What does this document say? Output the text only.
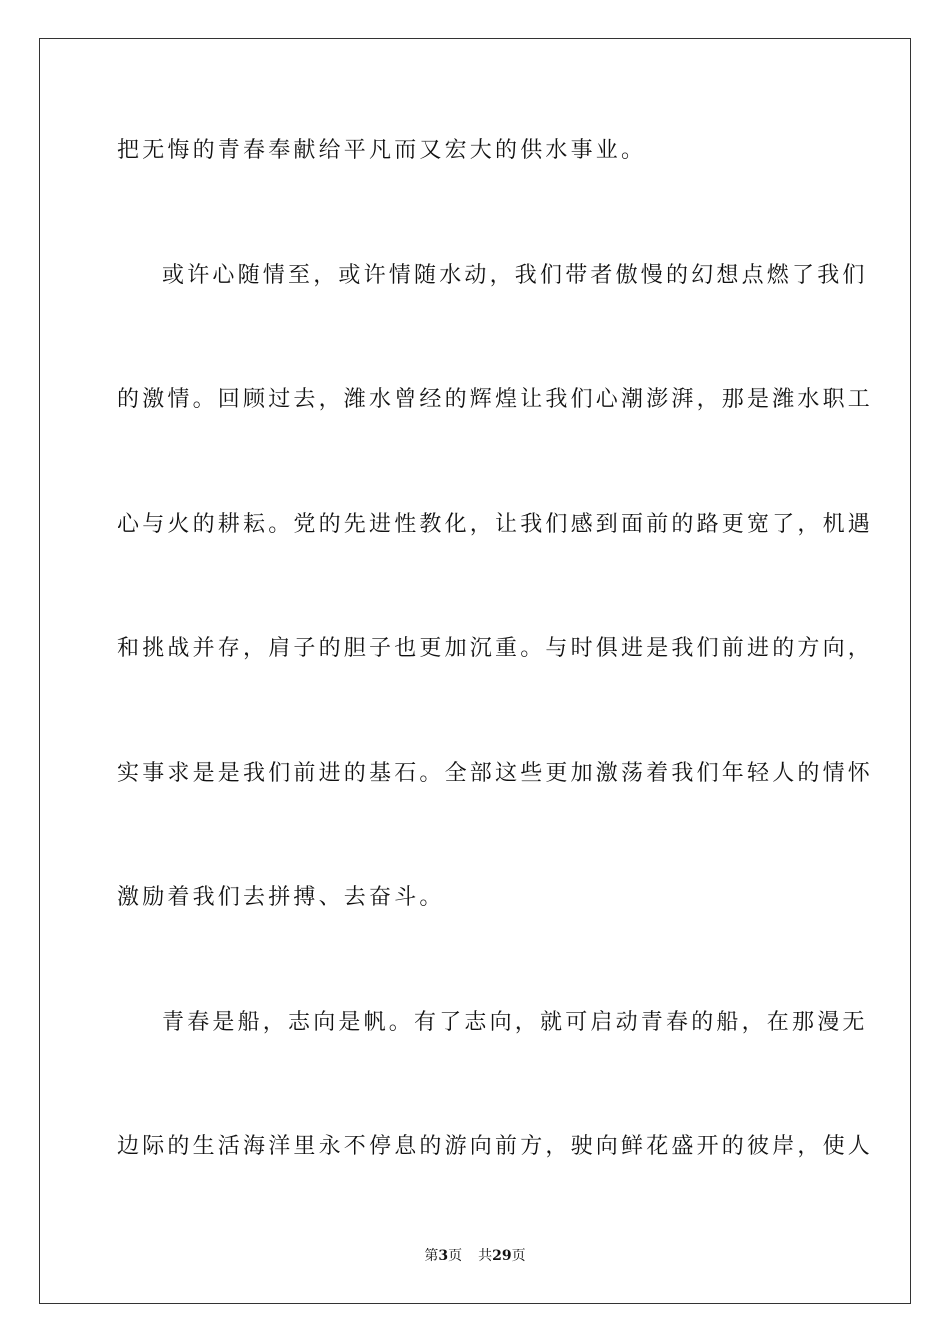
把无悔的青春奉献给平凡而又宏大的供水事业。
或许心随情至，或许情随水动，我们带者傲慢的幻想点燃了我们
的激情。回顾过去，潍水曾经的辉煌让我们心潮澎湃，那是潍水职工
心与火的耕耘。党的先进性教化，让我们感到面前的路更宽了，机遇
和挑战并存，肩子的胆子也更加沉重。与时俱进是我们前进的方向，
实事求是是我们前进的基石。全部这些更加激荡着我们年轻人的情怀
激励着我们去拼搏、去奋斗。
青春是船，志向是帆。有了志向，就可启动青春的船，在那漫无
边际的生活海洋里永不停息的游向前方，驶向鲜花盛开的彼岸，使人
第3页 共29页
